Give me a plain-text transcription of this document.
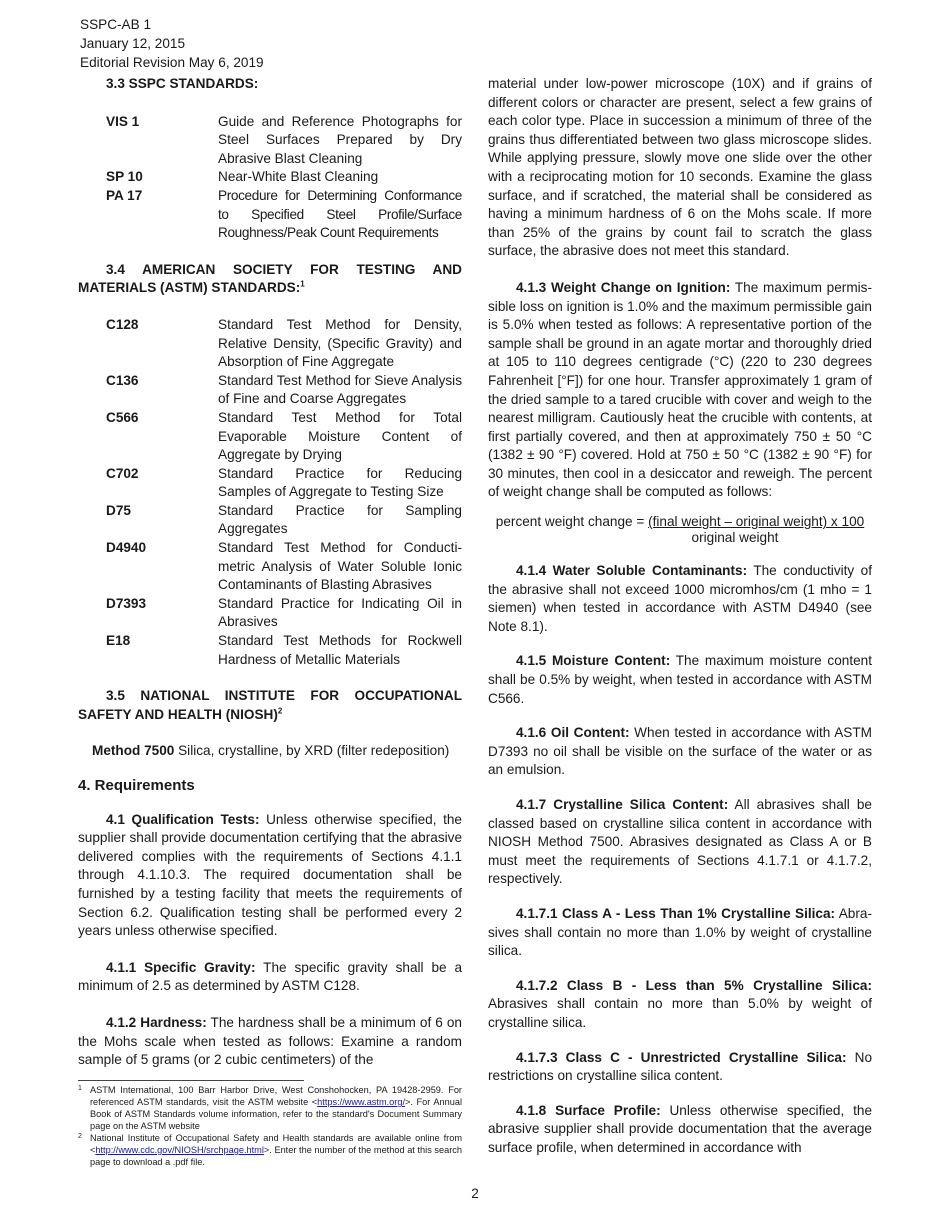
SSPC-AB 1
January 12, 2015
Editorial Revision May 6, 2019

3.3 SSPC STANDARDS:

VIS 1	Guide and Reference Photographs for Steel Surfaces Prepared by Dry Abrasive Blast Cleaning
SP 10	Near-White Blast Cleaning
PA 17	Procedure for Determining Conformance to Specified Steel Profile/Surface Roughness/Peak Count Requirements

3.4 AMERICAN SOCIETY FOR TESTING AND MATERIALS (ASTM) STANDARDS:$^1$

C128	Standard Test Method for Density, Relative Density, (Specific Gravity) and Absorption of Fine Aggregate
C136	Standard Test Method for Sieve Analysis of Fine and Coarse Aggregates
C566	Standard Test Method for Total Evaporable Moisture Content of Aggregate by Drying
C702	Standard Practice for Reducing Samples of Aggregate to Testing Size
D75	Standard Practice for Sampling Aggregates
D4940	Standard Test Method for Conducti-metric Analysis of Water Soluble Ionic Contaminants of Blasting Abrasives
D7393	Standard Practice for Indicating Oil in Abrasives
E18	Standard Test Methods for Rockwell Hardness of Metallic Materials

3.5 NATIONAL INSTITUTE FOR OCCUPATIONAL SAFETY AND HEALTH (NIOSH)$^2$

Method 7500 Silica, crystalline, by XRD (filter redeposition)

4. Requirements

4.1 Qualification Tests: Unless otherwise specified, the supplier shall provide documentation certifying that the abrasive delivered complies with the requirements of Sections 4.1.1 through 4.1.10.3. The required documentation shall be furnished by a testing facility that meets the requirements of Section 6.2. Qualification testing shall be performed every 2 years unless otherwise specified.

4.1.1 Specific Gravity: The specific gravity shall be a minimum of 2.5 as determined by ASTM C128.

4.1.2 Hardness: The hardness shall be a minimum of 6 on the Mohs scale when tested as follows: Examine a random sample of 5 grams (or 2 cubic centimeters) of the

1 ASTM International, 100 Barr Harbor Drive, West Conshohocken, PA 19428-2959. For referenced ASTM standards, visit the ASTM website <https://www.astm.org/>. For Annual Book of ASTM Standards volume information, refer to the standard's Document Summary page on the ASTM website
2 National Institute of Occupational Safety and Health standards are available online from <http://www.cdc.gov/NIOSH/srchpage.html>. Enter the number of the method at this search page to download a .pdf file.

material under low-power microscope (10X) and if grains of different colors or character are present, select a few grains of each color type. Place in succession a minimum of three of the grains thus differentiated between two glass microscope slides. While applying pressure, slowly move one slide over the other with a reciprocating motion for 10 seconds. Examine the glass surface, and if scratched, the material shall be considered as having a minimum hardness of 6 on the Mohs scale. If more than 25% of the grains by count fail to scratch the glass surface, the abrasive does not meet this standard.

4.1.3 Weight Change on Ignition: The maximum permis-sible loss on ignition is 1.0% and the maximum permissible gain is 5.0% when tested as follows: A representative portion of the sample shall be ground in an agate mortar and thoroughly dried at 105 to 110 degrees centigrade (°C) (220 to 230 degrees Fahrenheit [°F]) for one hour. Transfer approximately 1 gram of the dried sample to a tared crucible with cover and weigh to the nearest milligram. Cautiously heat the crucible with contents, at first partially covered, and then at approximately 750 ± 50 °C (1382 ± 90 °F) covered. Hold at 750 ± 50 °C (1382 ± 90 °F) for 30 minutes, then cool in a desiccator and reweigh. The percent of weight change shall be computed as follows:

percent weight change = (final weight – original weight) x 100
original weight

4.1.4 Water Soluble Contaminants: The conductivity of the abrasive shall not exceed 1000 micromhos/cm (1 mho = 1 siemen) when tested in accordance with ASTM D4940 (see Note 8.1).

4.1.5 Moisture Content: The maximum moisture content shall be 0.5% by weight, when tested in accordance with ASTM C566.

4.1.6 Oil Content: When tested in accordance with ASTM D7393 no oil shall be visible on the surface of the water or as an emulsion.

4.1.7 Crystalline Silica Content: All abrasives shall be classed based on crystalline silica content in accordance with NIOSH Method 7500. Abrasives designated as Class A or B must meet the requirements of Sections 4.1.7.1 or 4.1.7.2, respectively.

4.1.7.1 Class A - Less Than 1% Crystalline Silica: Abra-sives shall contain no more than 1.0% by weight of crystalline silica.

4.1.7.2 Class B - Less than 5% Crystalline Silica: Abrasives shall contain no more than 5.0% by weight of crystalline silica.

4.1.7.3 Class C - Unrestricted Crystalline Silica: No restrictions on crystalline silica content.

4.1.8 Surface Profile: Unless otherwise specified, the abrasive supplier shall provide documentation that the average surface profile, when determined in accordance with

2
